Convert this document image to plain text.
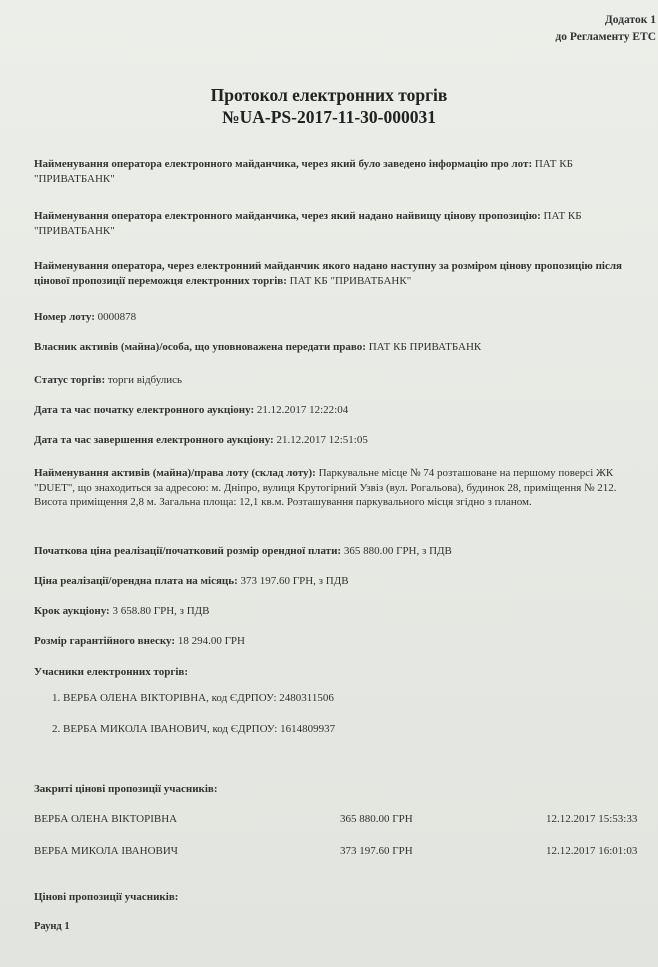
Додаток 1
до Регламенту ЕТС
Протокол електронних торгів
№UA-PS-2017-11-30-000031
Найменування оператора електронного майданчика, через який було заведено інформацію про лот: ПАТ КБ "ПРИВАТБАНК"
Найменування оператора електронного майданчика, через який надано найвищу цінову пропозицію: ПАТ КБ "ПРИВАТБАНК"
Найменування оператора, через електронний майданчик якого надано наступну за розміром цінову пропозицію після цінової пропозиції переможця електронних торгів: ПАТ КБ "ПРИВАТБАНК"
Номер лоту: 0000878
Власник активів (майна)/особа, що уповноважена передати право: ПАТ КБ ПРИВАТБАНК
Статус торгів: торги відбулись
Дата та час початку електронного аукціону: 21.12.2017 12:22:04
Дата та час завершення електронного аукціону: 21.12.2017 12:51:05
Найменування активів (майна)/права лоту (склад лоту): Паркувальне місце № 74 розташоване на першому поверсі ЖК "DUET", що знаходиться за адресою: м. Дніпро, вулиця Крутогірний Узвіз (вул. Рогальова), будинок 28, приміщення № 212. Висота приміщення 2,8 м. Загальна площа: 12,1 кв.м. Розташування паркувального місця згідно з планом.
Початкова ціна реалізації/початковий розмір орендної плати: 365 880.00 ГРН, з ПДВ
Ціна реалізації/орендна плата на місяць: 373 197.60 ГРН, з ПДВ
Крок аукціону: 3 658.80 ГРН, з ПДВ
Розмір гарантійного внеску: 18 294.00 ГРН
Учасники електронних торгів:
1. ВЕРБА ОЛЕНА ВІКТОРІВНА, код ЄДРПОУ: 2480311506
2. ВЕРБА МИКОЛА ІВАНОВИЧ, код ЄДРПОУ: 1614809937
Закриті цінові пропозиції учасників:
ВЕРБА ОЛЕНА ВІКТОРІВНА	365 880.00 ГРН	12.12.2017 15:53:33
ВЕРБА МИКОЛА ІВАНОВИЧ	373 197.60 ГРН	12.12.2017 16:01:03
Цінові пропозиції учасників:
Раунд 1
